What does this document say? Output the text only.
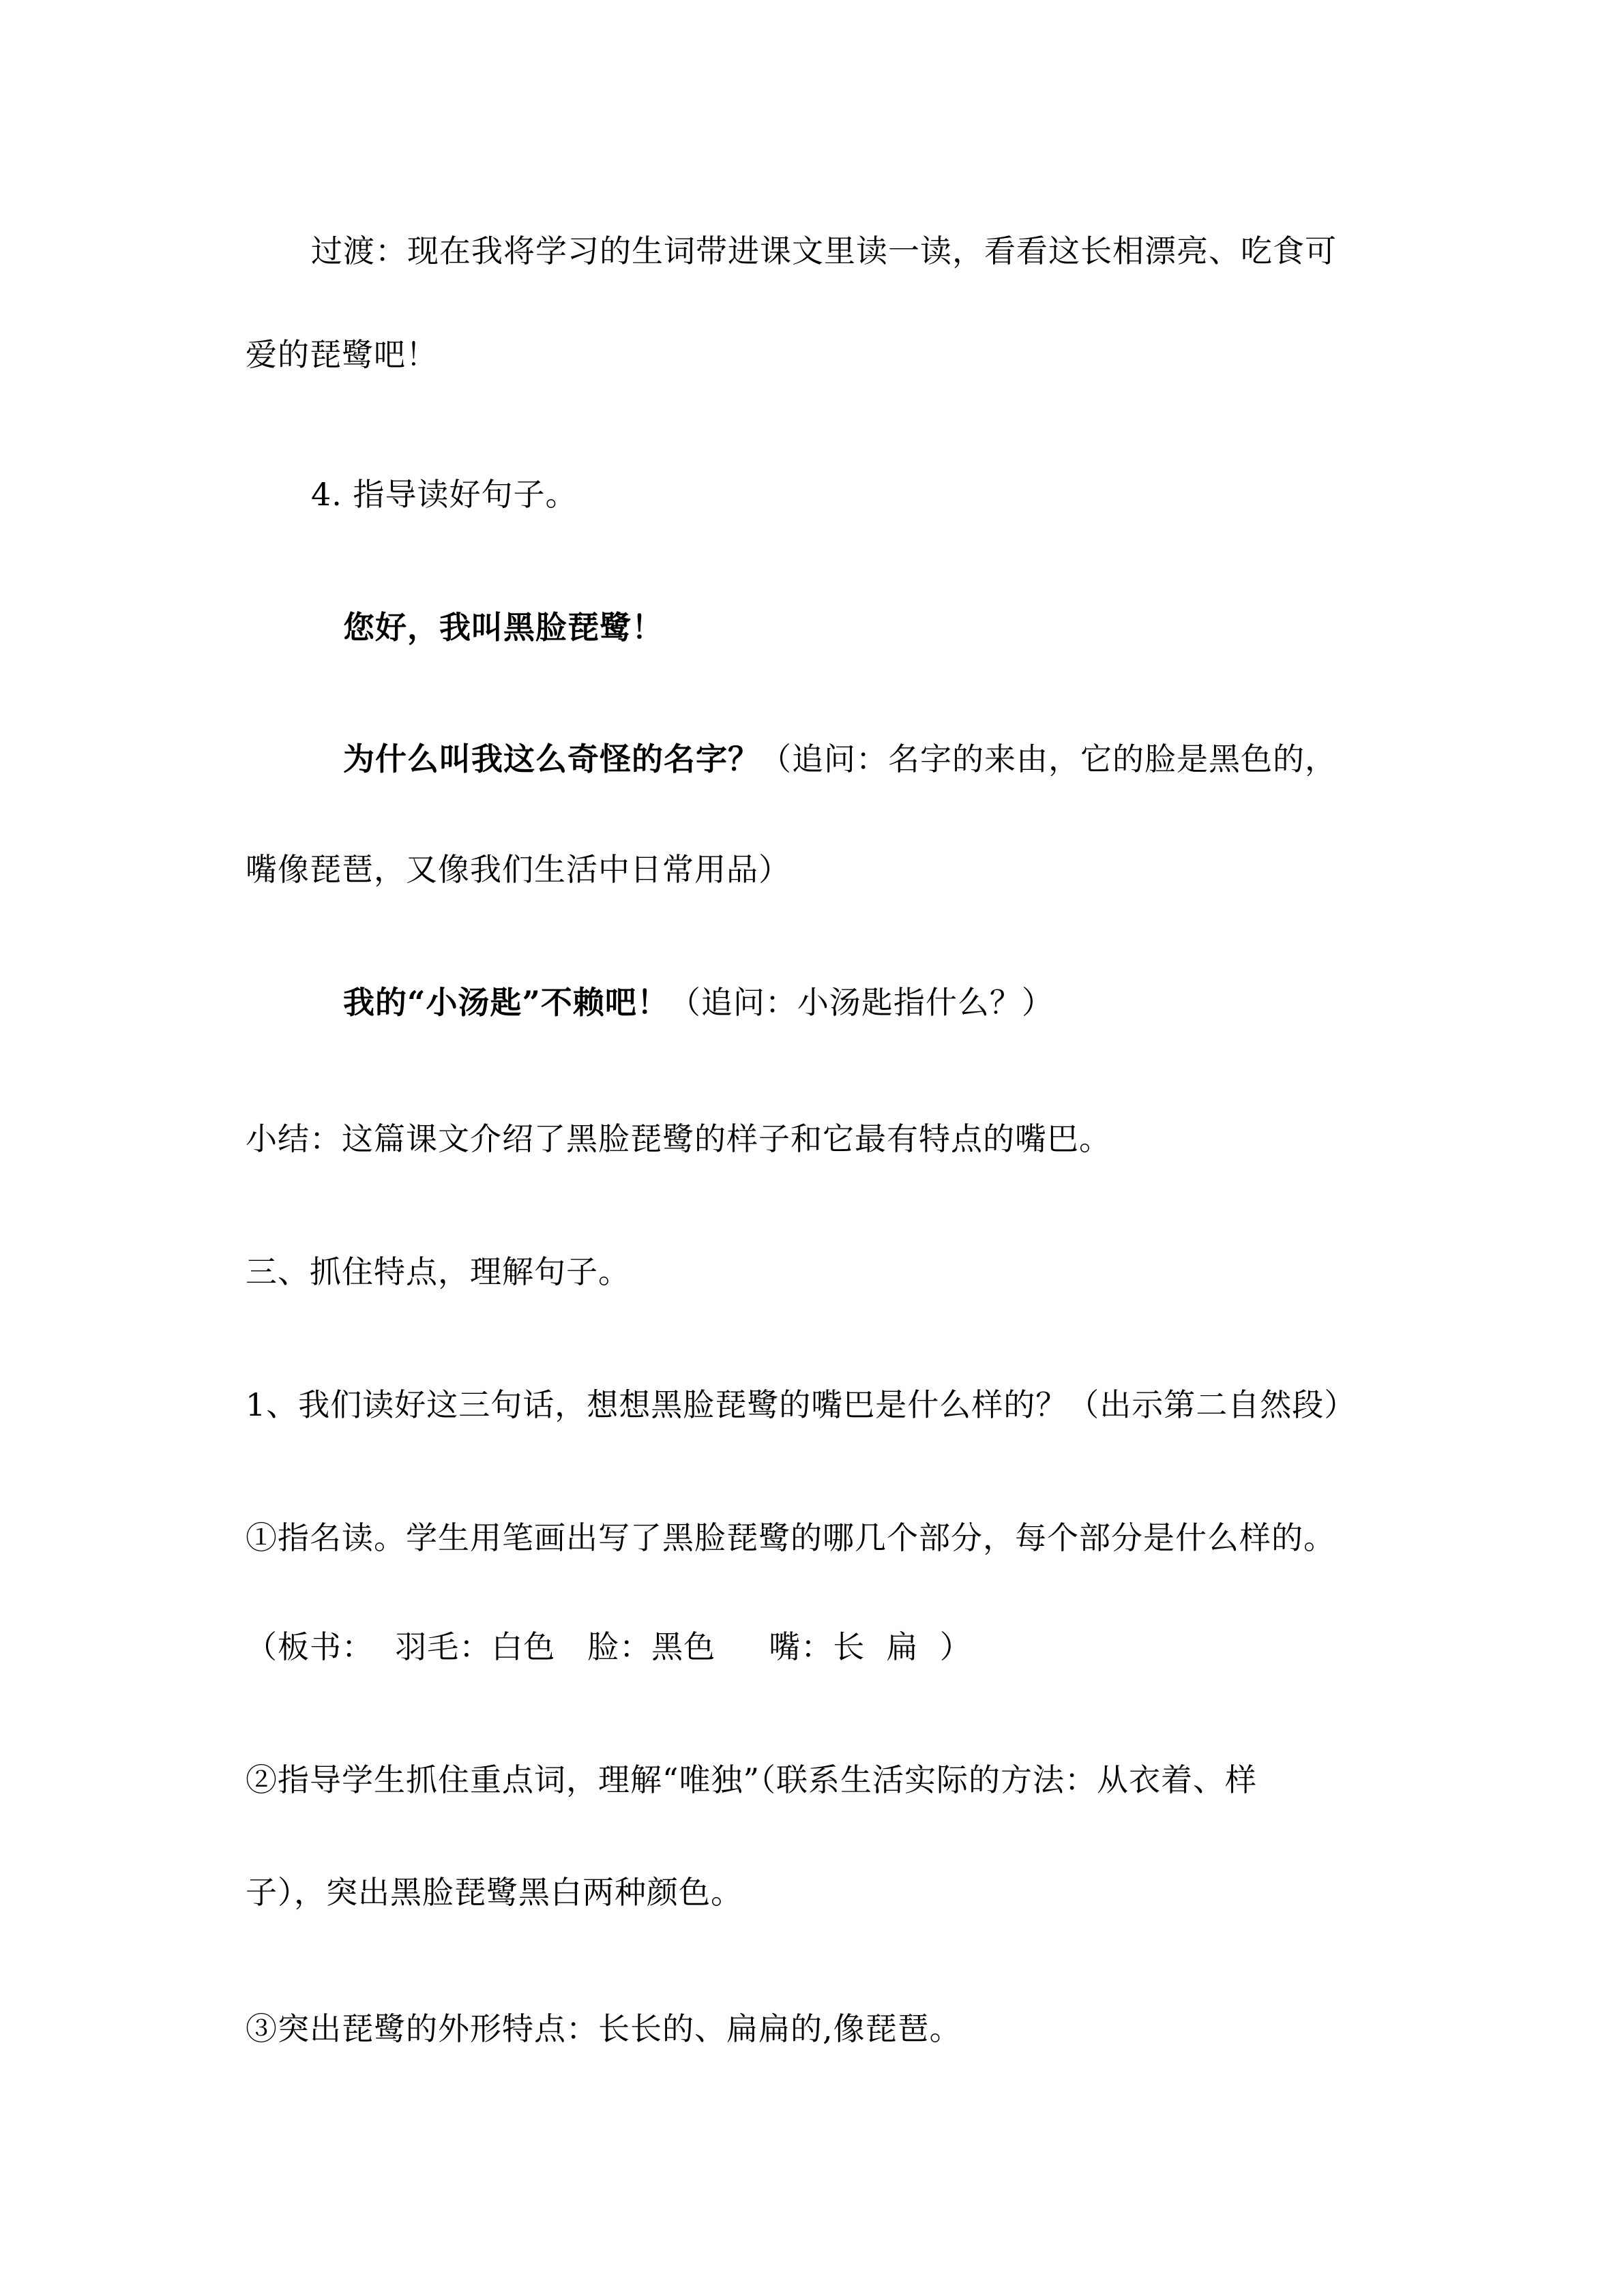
过渡：现在我将学习的生词带进课文里读一读，看看这长相漂亮、吃食可
爱的琵鹭吧！
4. 指导读好句子。
您好，我叫黑脸琵鹭！
为什么叫我这么奇怪的名字？（追问：名字的来由，它的脸是黑色的，
嘴像琵琶，又像我们生活中日常用品）
我的“小汤匙”不赖吧！（追问：小汤匙指什么？）
小结：这篇课文介绍了黑脸琵鹭的样子和它最有特点的嘴巴。
三、抓住特点，理解句子。
1、我们读好这三句话，想想黑脸琵鹭的嘴巴是什么样的？（出示第二自然段）
①指名读。学生用笔画出写了黑脸琵鹭的哪几个部分，每个部分是什么样的。
（板书：  羽毛：白色   脸：黑色     嘴：长  扁  ）
②指导学生抓住重点词，理解“唯独”（联系生活实际的方法：从衣着、样
子），突出黑脸琵鹭黑白两种颜色。
③突出琵鹭的外形特点：长长的、扁扁的,像琵琶。
